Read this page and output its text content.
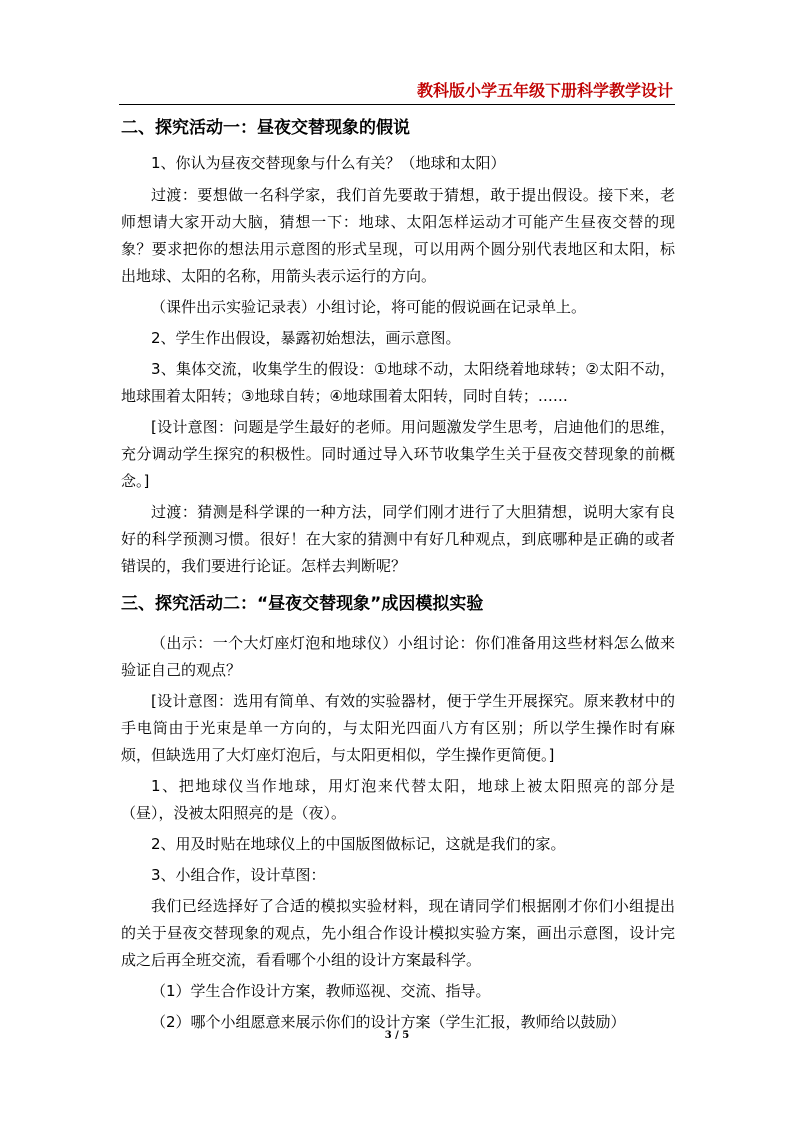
教科版小学五年级下册科学教学设计
二、探究活动一：昼夜交替现象的假说

1、你认为昼夜交替现象与什么有关？（地球和太阳）

过渡：要想做一名科学家，我们首先要敢于猜想，敢于提出假设。接下来，老师想请大家开动大脑，猜想一下：地球、太阳怎样运动才可能产生昼夜交替的现象？要求把你的想法用示意图的形式呈现，可以用两个圆分别代表地区和太阳，标出地球、太阳的名称，用箭头表示运行的方向。

（课件出示实验记录表）小组讨论，将可能的假说画在记录单上。

2、学生作出假设，暴露初始想法，画示意图。

3、集体交流，收集学生的假设：①地球不动，太阳绕着地球转；②太阳不动，地球围着太阳转；③地球自转；④地球围着太阳转，同时自转；……

[设计意图：问题是学生最好的老师。用问题激发学生思考，启迪他们的思维，充分调动学生探究的积极性。同时通过导入环节收集学生关于昼夜交替现象的前概念。]

过渡：猜测是科学课的一种方法，同学们刚才进行了大胆猜想，说明大家有良好的科学预测习惯。很好！在大家的猜测中有好几种观点，到底哪种是正确的或者错误的，我们要进行论证。怎样去判断呢？

三、探究活动二：“昼夜交替现象”成因模拟实验

（出示：一个大灯座灯泡和地球仪）小组讨论：你们准备用这些材料怎么做来验证自己的观点？

[设计意图：选用有简单、有效的实验器材，便于学生开展探究。原来教材中的手电筒由于光束是单一方向的，与太阳光四面八方有区别；所以学生操作时有麻烦，但缺选用了大灯座灯泡后，与太阳更相似，学生操作更简便。]

1、把地球仪当作地球，用灯泡来代替太阳，地球上被太阳照亮的部分是（昼），没被太阳照亮的是（夜）。

2、用及时贴在地球仪上的中国版图做标记，这就是我们的家。

3、小组合作，设计草图：

我们已经选择好了合适的模拟实验材料，现在请同学们根据刚才你们小组提出的关于昼夜交替现象的观点，先小组合作设计模拟实验方案，画出示意图，设计完成之后再全班交流，看看哪个小组的设计方案最科学。

（1）学生合作设计方案，教师巡视、交流、指导。

（2）哪个小组愿意来展示你们的设计方案（学生汇报，教师给以鼓励）

3 / 5
